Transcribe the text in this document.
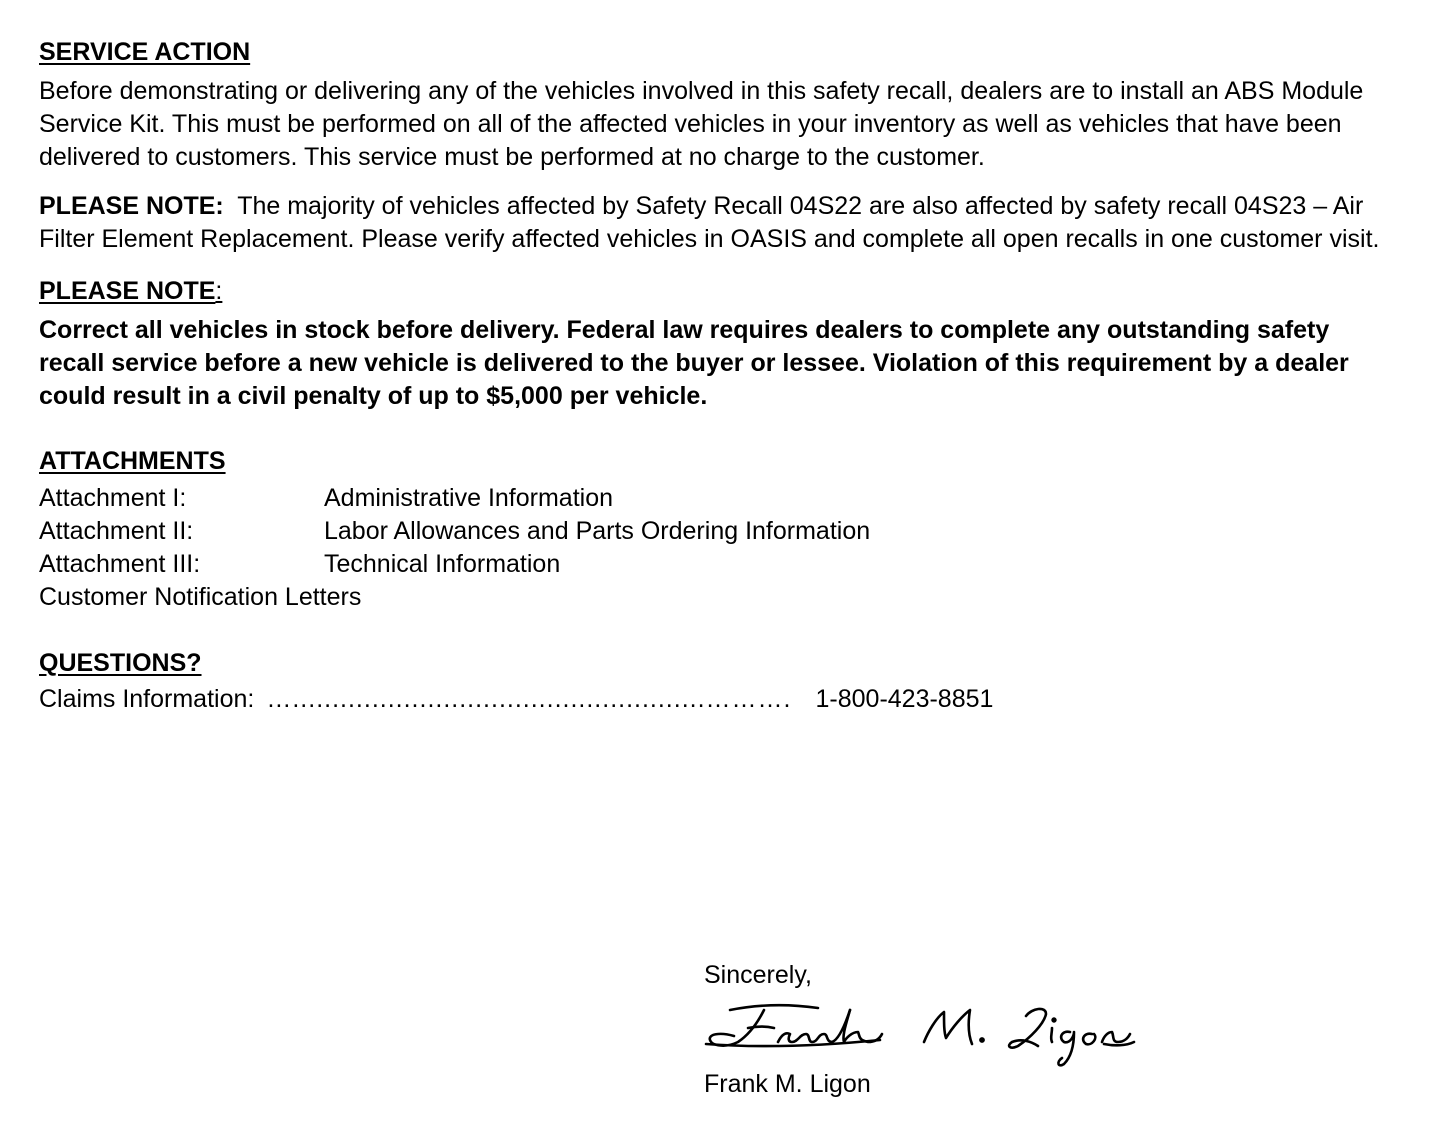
SERVICE ACTION

Before demonstrating or delivering any of the vehicles involved in this safety recall, dealers are to install an ABS Module Service Kit. This must be performed on all of the affected vehicles in your inventory as well as vehicles that have been delivered to customers. This service must be performed at no charge to the customer.

PLEASE NOTE: The majority of vehicles affected by Safety Recall 04S22 are also affected by safety recall 04S23 – Air Filter Element Replacement. Please verify affected vehicles in OASIS and complete all open recalls in one customer visit.

PLEASE NOTE:

Correct all vehicles in stock before delivery. Federal law requires dealers to complete any outstanding safety recall service before a new vehicle is delivered to the buyer or lessee. Violation of this requirement by a dealer could result in a civil penalty of up to $5,000 per vehicle.

ATTACHMENTS
Attachment I:	Administrative Information
Attachment II:	Labor Allowances and Parts Ordering Information
Attachment III:	Technical Information
Customer Notification Letters
QUESTIONS?
Claims Information: …....................................................………. 1-800-423-8851
Sincerely,
Frank M. Ligon
